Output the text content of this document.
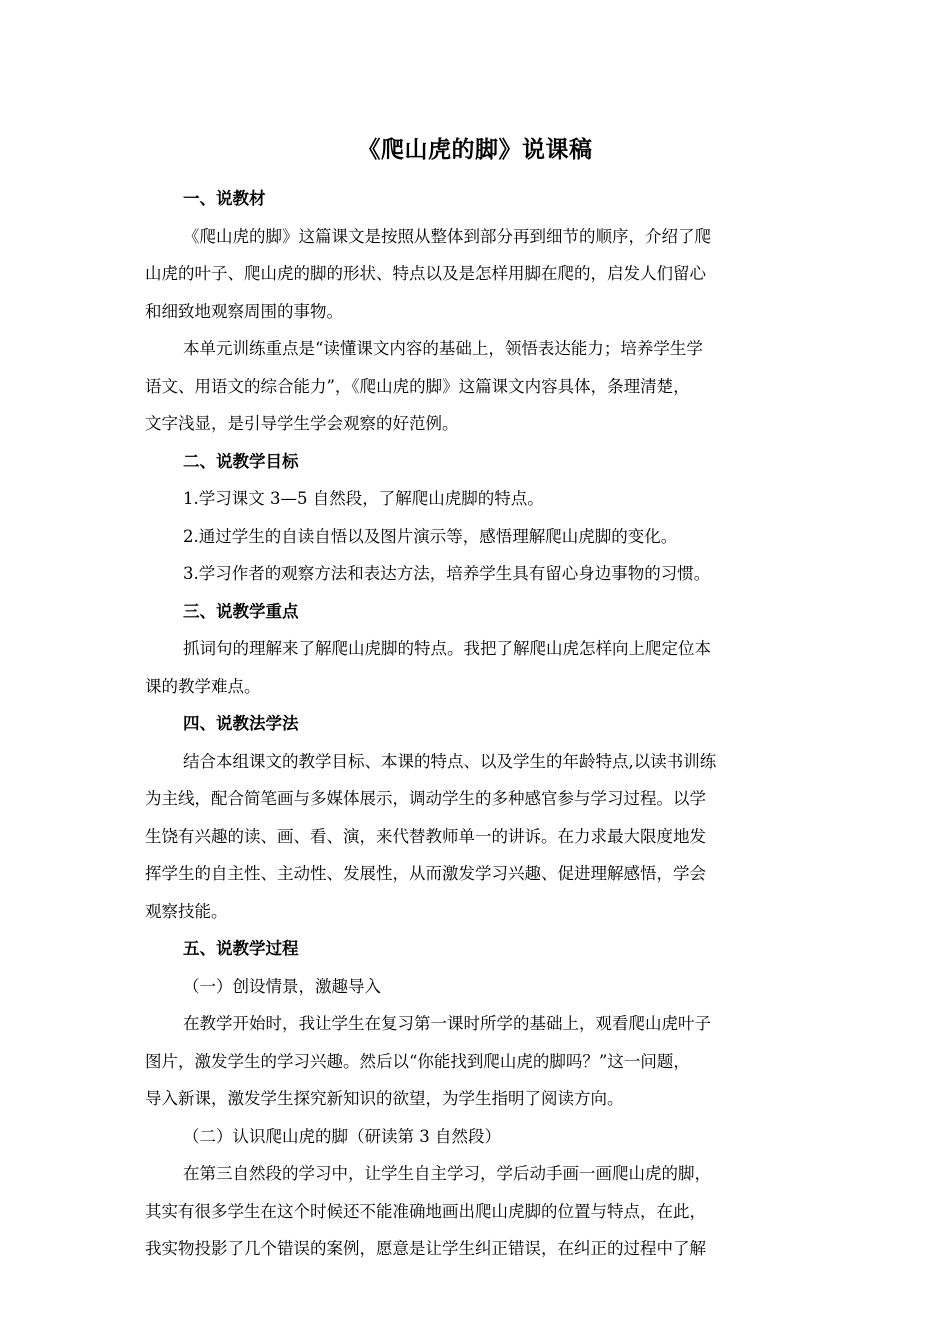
《爬山虎的脚》说课稿
一、说教材
《爬山虎的脚》这篇课文是按照从整体到部分再到细节的顺序，介绍了爬
山虎的叶子、爬山虎的脚的形状、特点以及是怎样用脚在爬的，启发人们留心
和细致地观察周围的事物。
本单元训练重点是“读懂课文内容的基础上，领悟表达能力；培养学生学
语文、用语文的综合能力”，《爬山虎的脚》这篇课文内容具体，条理清楚，
文字浅显，是引导学生学会观察的好范例。
二、说教学目标
1.学习课文 3—5 自然段，了解爬山虎脚的特点。
2.通过学生的自读自悟以及图片演示等，感悟理解爬山虎脚的变化。
3.学习作者的观察方法和表达方法，培养学生具有留心身边事物的习惯。
三、说教学重点
抓词句的理解来了解爬山虎脚的特点。我把了解爬山虎怎样向上爬定位本
课的教学难点。
四、说教法学法
结合本组课文的教学目标、本课的特点、以及学生的年龄特点,以读书训练
为主线，配合简笔画与多媒体展示，调动学生的多种感官参与学习过程。以学
生饶有兴趣的读、画、看、演，来代替教师单一的讲诉。在力求最大限度地发
挥学生的自主性、主动性、发展性，从而激发学习兴趣、促进理解感悟，学会
观察技能。
五、说教学过程
（一）创设情景，激趣导入
在教学开始时，我让学生在复习第一课时所学的基础上，观看爬山虎叶子
图片，激发学生的学习兴趣。然后以“你能找到爬山虎的脚吗？”这一问题，
导入新课，激发学生探究新知识的欲望，为学生指明了阅读方向。
（二）认识爬山虎的脚（研读第 3 自然段）
在第三自然段的学习中，让学生自主学习，学后动手画一画爬山虎的脚，
其实有很多学生在这个时候还不能准确地画出爬山虎脚的位置与特点，在此，
我实物投影了几个错误的案例，愿意是让学生纠正错误，在纠正的过程中了解
